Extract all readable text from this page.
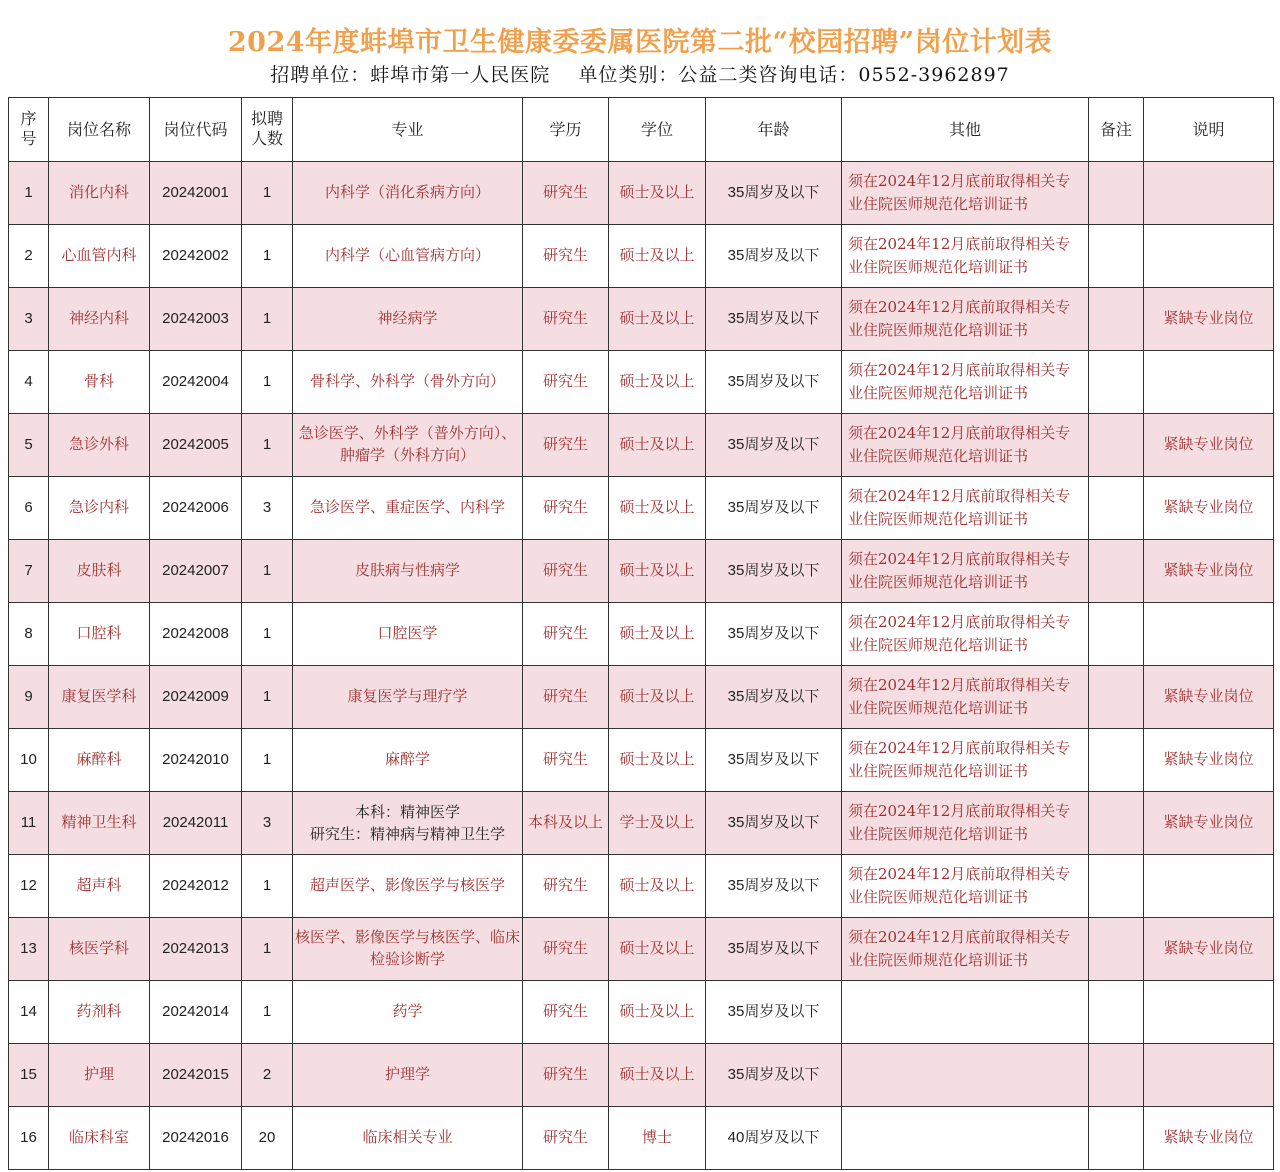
2024年度蚌埠市卫生健康委委属医院第二批“校园招聘”岗位计划表
招聘单位：蚌埠市第一人民医院    单位类别：公益二类咨询电话：0552-3962897
序号	岗位名称	岗位代码	拟聘人数	专业	学历	学位	年龄	其他	备注	说明
1	消化内科	20242001	1	内科学（消化系病方向）	研究生	硕士及以上	35周岁及以下	须在2024年12月底前取得相关专业住院医师规范化培训证书		
2	心血管内科	20242002	1	内科学（心血管病方向）	研究生	硕士及以上	35周岁及以下	须在2024年12月底前取得相关专业住院医师规范化培训证书		
3	神经内科	20242003	1	神经病学	研究生	硕士及以上	35周岁及以下	须在2024年12月底前取得相关专业住院医师规范化培训证书		紧缺专业岗位
4	骨科	20242004	1	骨科学、外科学（骨外方向）	研究生	硕士及以上	35周岁及以下	须在2024年12月底前取得相关专业住院医师规范化培训证书		
5	急诊外科	20242005	1	急诊医学、外科学（普外方向）、肿瘤学（外科方向）	研究生	硕士及以上	35周岁及以下	须在2024年12月底前取得相关专业住院医师规范化培训证书		紧缺专业岗位
6	急诊内科	20242006	3	急诊医学、重症医学、内科学	研究生	硕士及以上	35周岁及以下	须在2024年12月底前取得相关专业住院医师规范化培训证书		紧缺专业岗位
7	皮肤科	20242007	1	皮肤病与性病学	研究生	硕士及以上	35周岁及以下	须在2024年12月底前取得相关专业住院医师规范化培训证书		紧缺专业岗位
8	口腔科	20242008	1	口腔医学	研究生	硕士及以上	35周岁及以下	须在2024年12月底前取得相关专业住院医师规范化培训证书		
9	康复医学科	20242009	1	康复医学与理疗学	研究生	硕士及以上	35周岁及以下	须在2024年12月底前取得相关专业住院医师规范化培训证书		紧缺专业岗位
10	麻醉科	20242010	1	麻醉学	研究生	硕士及以上	35周岁及以下	须在2024年12月底前取得相关专业住院医师规范化培训证书		紧缺专业岗位
11	精神卫生科	20242011	3	本科：精神医学
研究生：精神病与精神卫生学	本科及以上	学士及以上	35周岁及以下	须在2024年12月底前取得相关专业住院医师规范化培训证书		紧缺专业岗位
12	超声科	20242012	1	超声医学、影像医学与核医学	研究生	硕士及以上	35周岁及以下	须在2024年12月底前取得相关专业住院医师规范化培训证书		
13	核医学科	20242013	1	核医学、影像医学与核医学、临床检验诊断学	研究生	硕士及以上	35周岁及以下	须在2024年12月底前取得相关专业住院医师规范化培训证书		紧缺专业岗位
14	药剂科	20242014	1	药学	研究生	硕士及以上	35周岁及以下			
15	护理	20242015	2	护理学	研究生	硕士及以上	35周岁及以下			
16	临床科室	20242016	20	临床相关专业	研究生	博士	40周岁及以下			紧缺专业岗位
